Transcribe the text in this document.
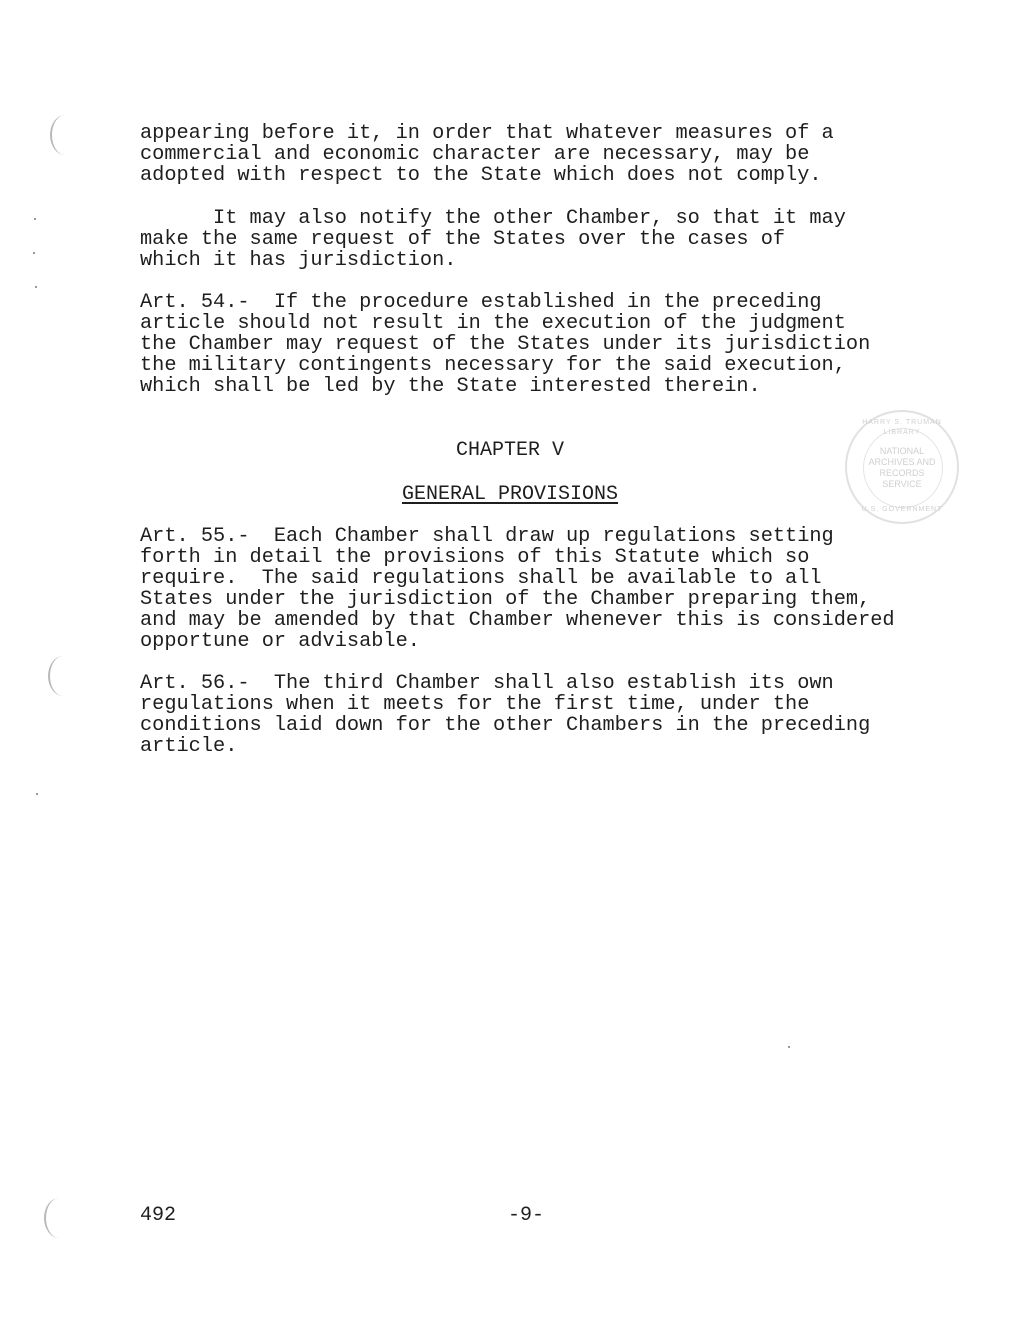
appearing before it, in order that whatever measures of a
commercial and economic character are necessary, may be
adopted with respect to the State which does not comply.
It may also notify the other Chamber, so that it may
make the same request of the States over the cases of
which it has jurisdiction.
Art. 54.-  If the procedure established in the preceding
article should not result in the execution of the judgment
the Chamber may request of the States under its jurisdiction
the military contingents necessary for the said execution,
which shall be led by the State interested therein.
CHAPTER V
GENERAL PROVISIONS
Art. 55.-  Each Chamber shall draw up regulations setting
forth in detail the provisions of this Statute which so
require.  The said regulations shall be available to all
States under the jurisdiction of the Chamber preparing them,
and may be amended by that Chamber whenever this is considered
opportune or advisable.
Art. 56.-  The third Chamber shall also establish its own
regulations when it meets for the first time, under the
conditions laid down for the other Chambers in the preceding
article.
HARRY S. TRUMAN LIBRARY
NATIONAL
ARCHIVES AND
RECORDS
SERVICE
U.S. GOVERNMENT
492	-9-
